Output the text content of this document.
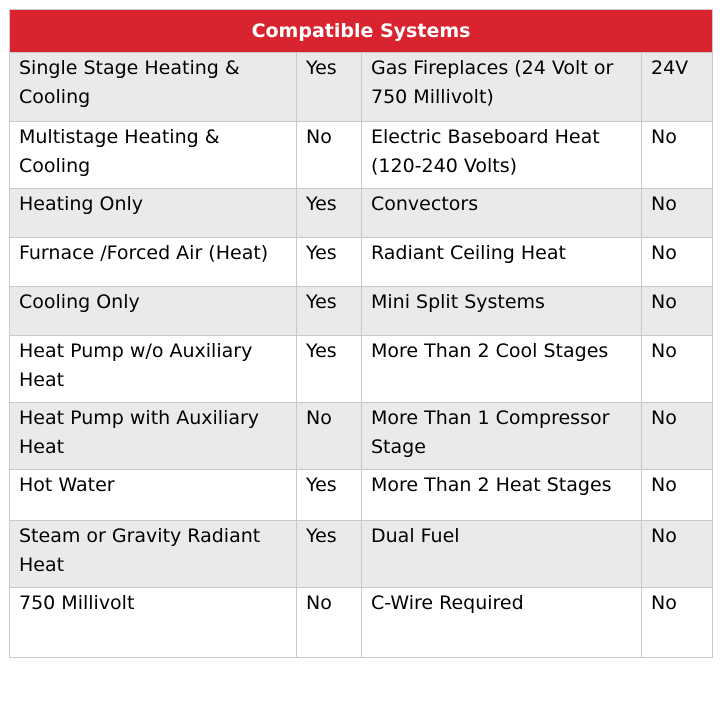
Compatible Systems			
Single Stage Heating & Cooling	Yes	Gas Fireplaces (24 Volt or 750 Millivolt)	24V
Multistage Heating & Cooling	No	Electric Baseboard Heat (120-240 Volts)	No
Heating Only	Yes	Convectors	No
Furnace /Forced Air (Heat)	Yes	Radiant Ceiling Heat	No
Cooling Only	Yes	Mini Split Systems	No
Heat Pump w/o Auxiliary Heat	Yes	More Than 2 Cool Stages	No
Heat Pump with Auxiliary Heat	No	More Than 1 Compressor Stage	No
Hot Water	Yes	More Than 2 Heat Stages	No
Steam or Gravity Radiant Heat	Yes	Dual Fuel	No
750 Millivolt	No	C-Wire Required	No
